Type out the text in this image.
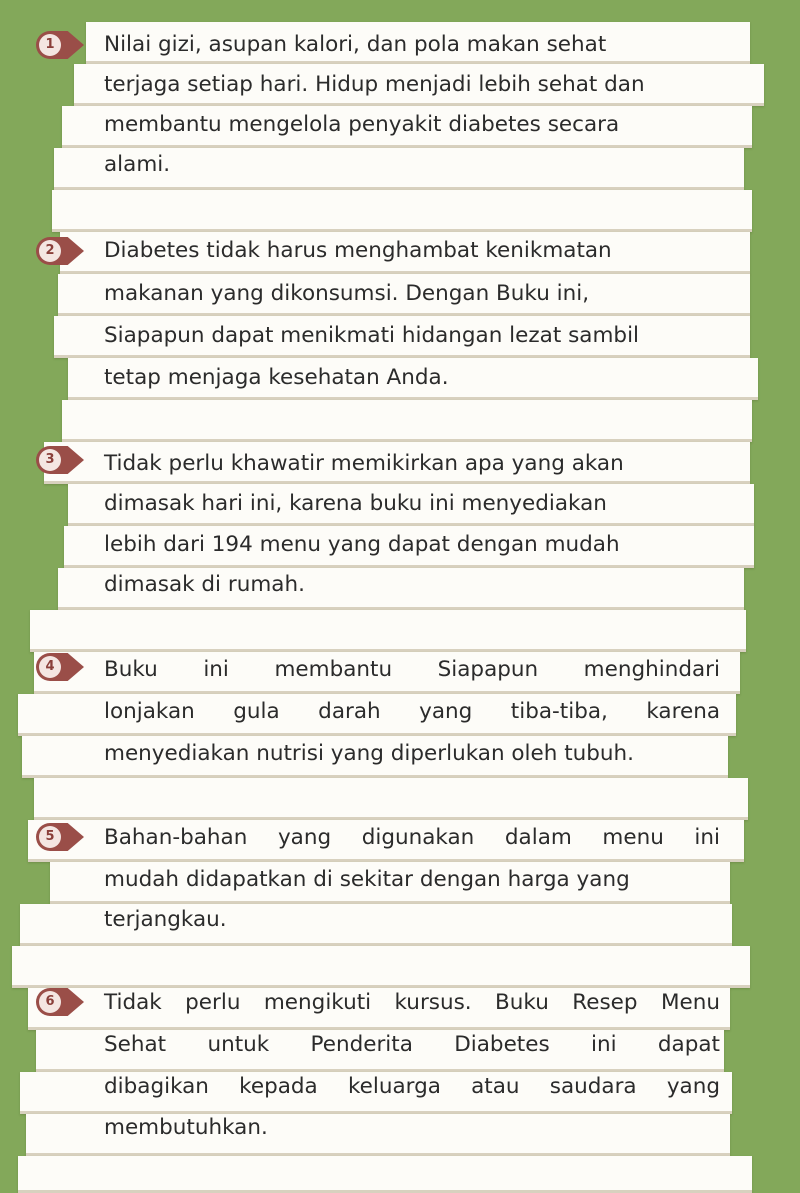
1	Nilai gizi, asupan kalori, dan pola makan sehat

terjaga setiap hari. Hidup menjadi lebih sehat dan

membantu mengelola penyakit diabetes secara

alami.

2	Diabetes tidak harus menghambat kenikmatan

makanan yang dikonsumsi. Dengan Buku ini,

Siapapun dapat menikmati hidangan lezat sambil

tetap menjaga kesehatan Anda.

3	Tidak perlu khawatir memikirkan apa yang akan

dimasak hari ini, karena buku ini menyediakan

lebih dari 194 menu yang dapat dengan mudah

dimasak di rumah.

4	Buku ini membantu Siapapun menghindari

lonjakan gula darah yang tiba-tiba, karena

menyediakan nutrisi yang diperlukan oleh tubuh.

5	Bahan-bahan yang digunakan dalam menu ini

mudah didapatkan di sekitar dengan harga yang

terjangkau.

6	Tidak perlu mengikuti kursus. Buku Resep Menu

Sehat untuk Penderita Diabetes ini dapat

dibagikan kepada keluarga atau saudara yang

membutuhkan.
